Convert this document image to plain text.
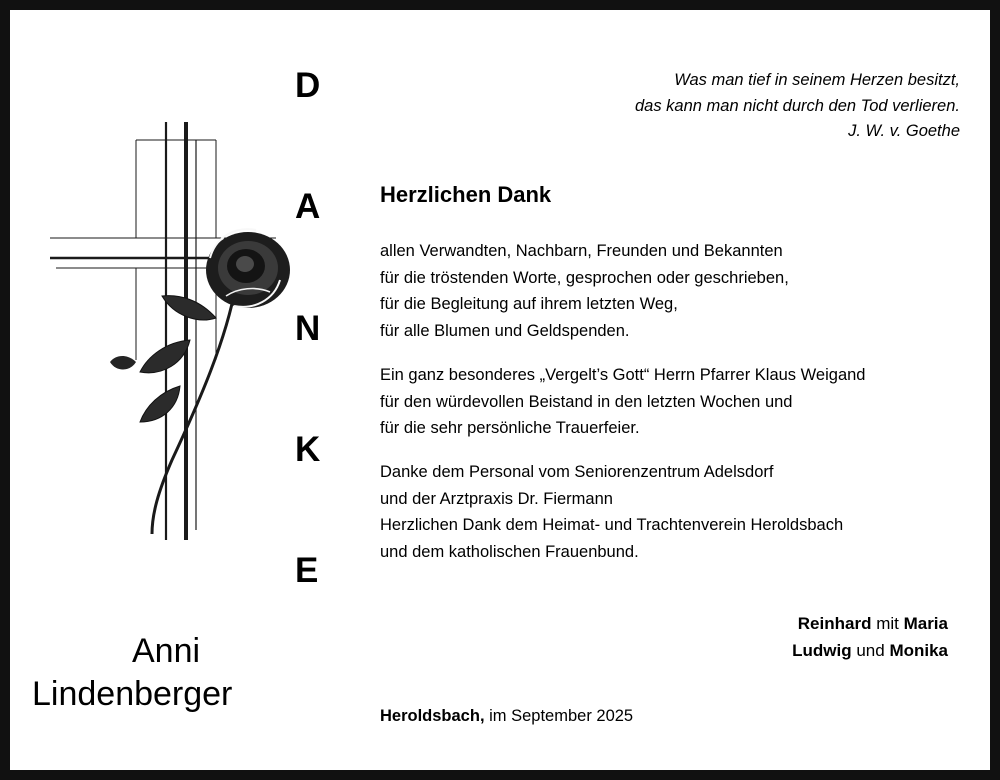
D
A
N
K
E
Was man tief in seinem Herzen besitzt,
das kann man nicht durch den Tod verlieren.
J. W. v. Goethe
Herzlichen Dank

allen Verwandten, Nachbarn, Freunden und Bekannten
für die tröstenden Worte, gesprochen oder geschrieben,
für die Begleitung auf ihrem letzten Weg,
für alle Blumen und Geldspenden.

Ein ganz besonderes „Vergelt’s Gott“ Herrn Pfarrer Klaus Weigand
für den würdevollen Beistand in den letzten Wochen und
für die sehr persönliche Trauerfeier.

Danke dem Personal vom Seniorenzentrum Adelsdorf
und der Arztpraxis Dr. Fiermann
Herzlichen Dank dem Heimat- und Trachtenverein Heroldsbach
und dem katholischen Frauenbund.

Reinhard mit Maria
Ludwig und Monika
Heroldsbach, im September 2025
Anni
Lindenberger
